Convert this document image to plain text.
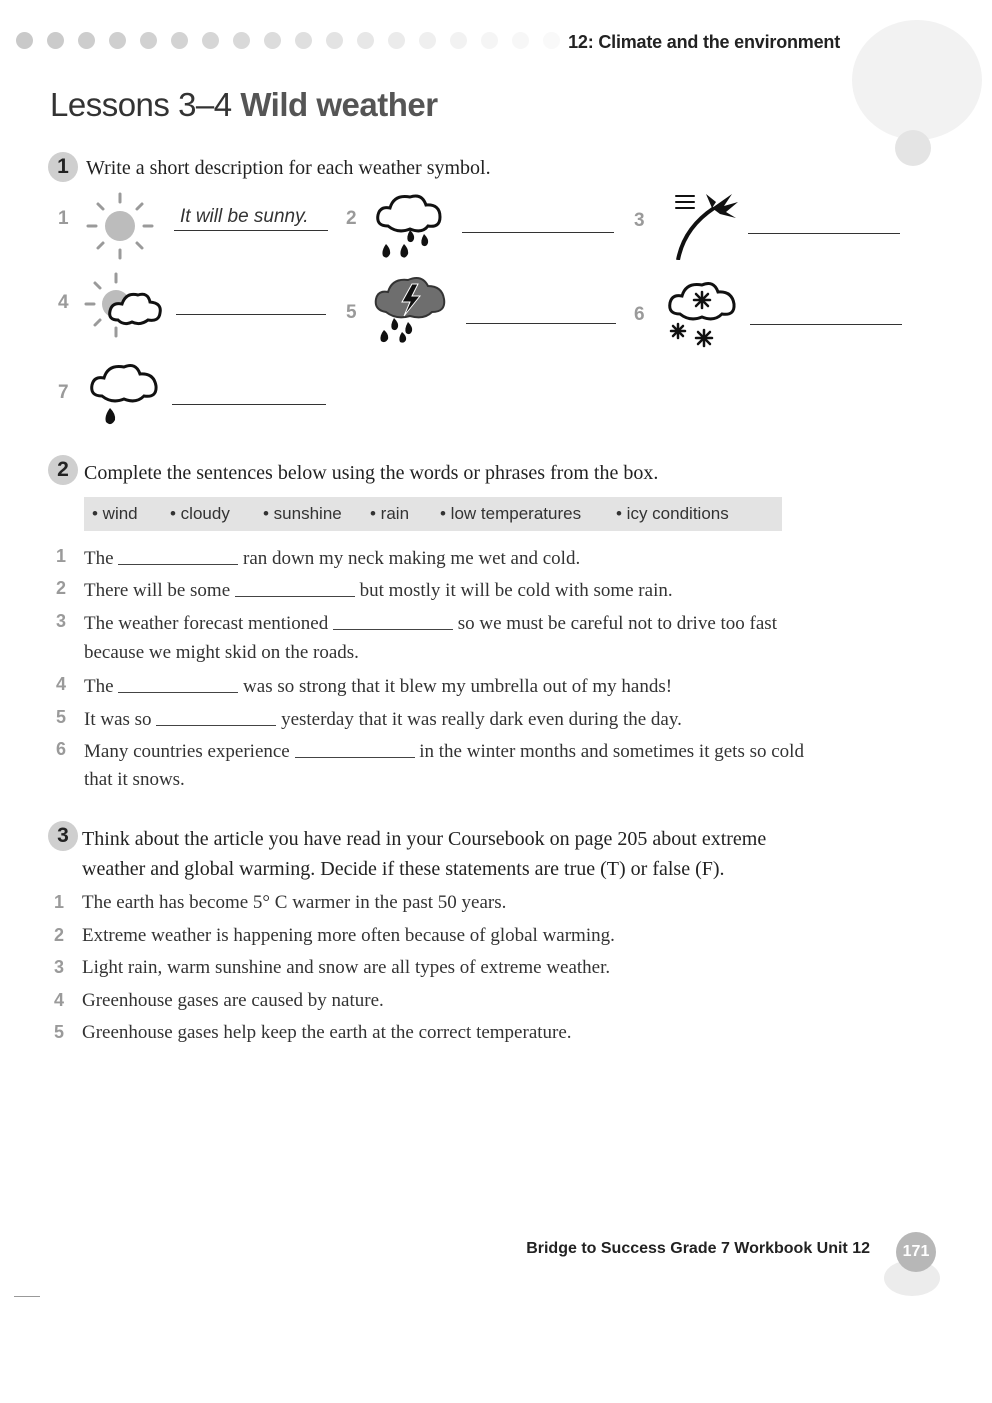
12: Climate and the environment
Lessons 3–4 Wild weather
1 Write a short description for each weather symbol.
1	It will be sunny. 2	3
4	5	6
7
2 Complete the sentences below using the words or phrases from the box.
• wind • cloudy • sunshine • rain • low temperatures • icy conditions
1 The	ran down my neck making me wet and cold.
2 There will be some	but mostly it will be cold with some rain.
3 The weather forecast mentioned	so we must be careful not to drive too fast
because we might skid on the roads.
4 The	was so strong that it blew my umbrella out of my hands!
5 It was so	yesterday that it was really dark even during the day.
6 Many countries experience	in the winter months and sometimes it gets so cold
that it snows.
3 Think about the article you have read in your Coursebook on page 205 about extreme
weather and global warming. Decide if these statements are true (T) or false (F).
1 The earth has become 5° C warmer in the past 50 years.
2 Extreme weather is happening more often because of global warming.
3 Light rain, warm sunshine and snow are all types of extreme weather.
4 Greenhouse gases are caused by nature.
5 Greenhouse gases help keep the earth at the correct temperature.
Bridge to Success Grade 7 Workbook Unit 12	171
